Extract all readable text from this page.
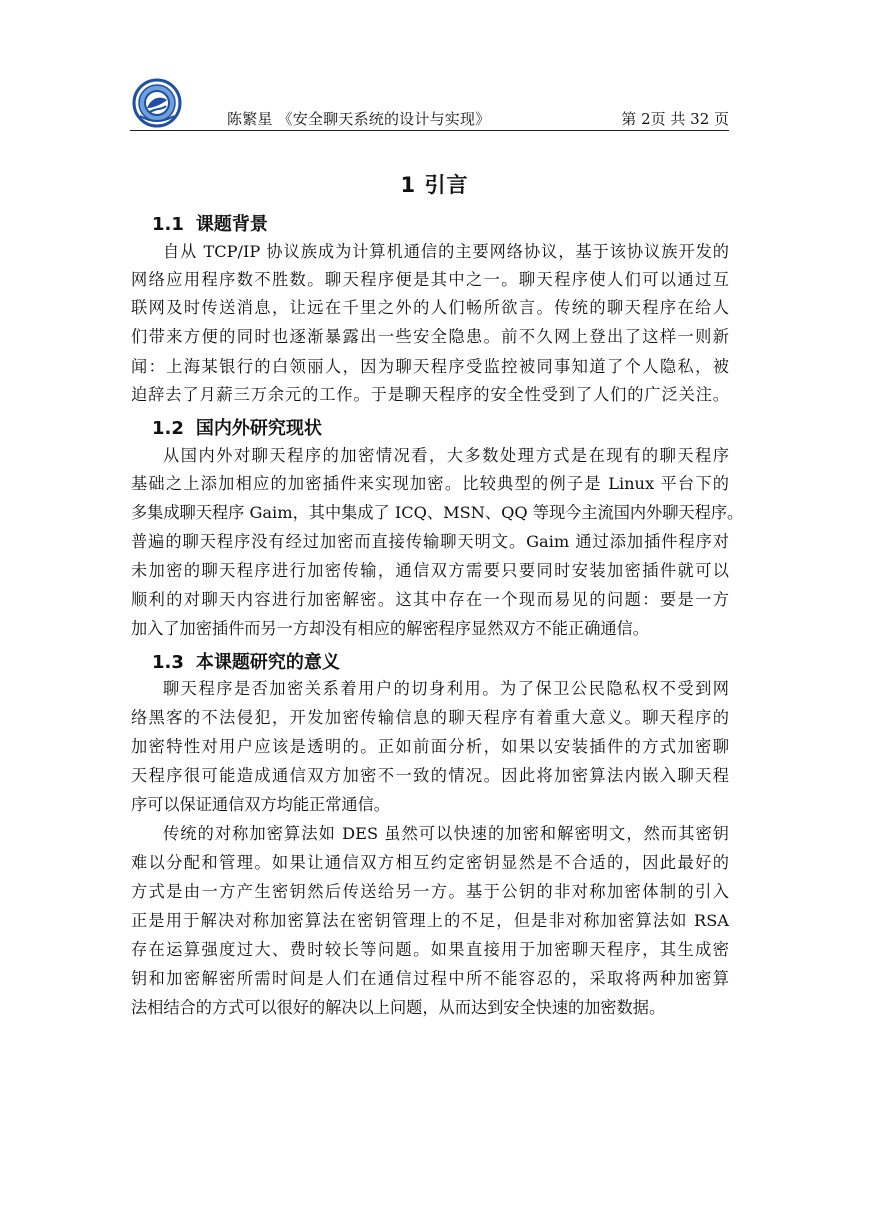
陈繁星 《安全聊天系统的设计与实现》	第 2页 共 32 页
1 引言
1.1 课题背景
自从 TCP/IP 协议族成为计算机通信的主要网络协议，基于该协议族开发的
网络应用程序数不胜数。聊天程序便是其中之一。聊天程序使人们可以通过互
联网及时传送消息，让远在千里之外的人们畅所欲言。传统的聊天程序在给人
们带来方便的同时也逐渐暴露出一些安全隐患。前不久网上登出了这样一则新
闻：上海某银行的白领丽人，因为聊天程序受监控被同事知道了个人隐私，被
迫辞去了月薪三万余元的工作。于是聊天程序的安全性受到了人们的广泛关注。
1.2 国内外研究现状
从国内外对聊天程序的加密情况看，大多数处理方式是在现有的聊天程序
基础之上添加相应的加密插件来实现加密。比较典型的例子是 Linux 平台下的
多集成聊天程序 Gaim，其中集成了 ICQ、MSN、QQ 等现今主流国内外聊天程序。
普遍的聊天程序没有经过加密而直接传输聊天明文。Gaim 通过添加插件程序对
未加密的聊天程序进行加密传输，通信双方需要只要同时安装加密插件就可以
顺利的对聊天内容进行加密解密。这其中存在一个现而易见的问题：要是一方
加入了加密插件而另一方却没有相应的解密程序显然双方不能正确通信。
1.3 本课题研究的意义
聊天程序是否加密关系着用户的切身利用。为了保卫公民隐私权不受到网
络黑客的不法侵犯，开发加密传输信息的聊天程序有着重大意义。聊天程序的
加密特性对用户应该是透明的。正如前面分析，如果以安装插件的方式加密聊
天程序很可能造成通信双方加密不一致的情况。因此将加密算法内嵌入聊天程
序可以保证通信双方均能正常通信。
传统的对称加密算法如 DES 虽然可以快速的加密和解密明文，然而其密钥
难以分配和管理。如果让通信双方相互约定密钥显然是不合适的，因此最好的
方式是由一方产生密钥然后传送给另一方。基于公钥的非对称加密体制的引入
正是用于解决对称加密算法在密钥管理上的不足，但是非对称加密算法如 RSA
存在运算强度过大、费时较长等问题。如果直接用于加密聊天程序，其生成密
钥和加密解密所需时间是人们在通信过程中所不能容忍的，采取将两种加密算
法相结合的方式可以很好的解决以上问题，从而达到安全快速的加密数据。
